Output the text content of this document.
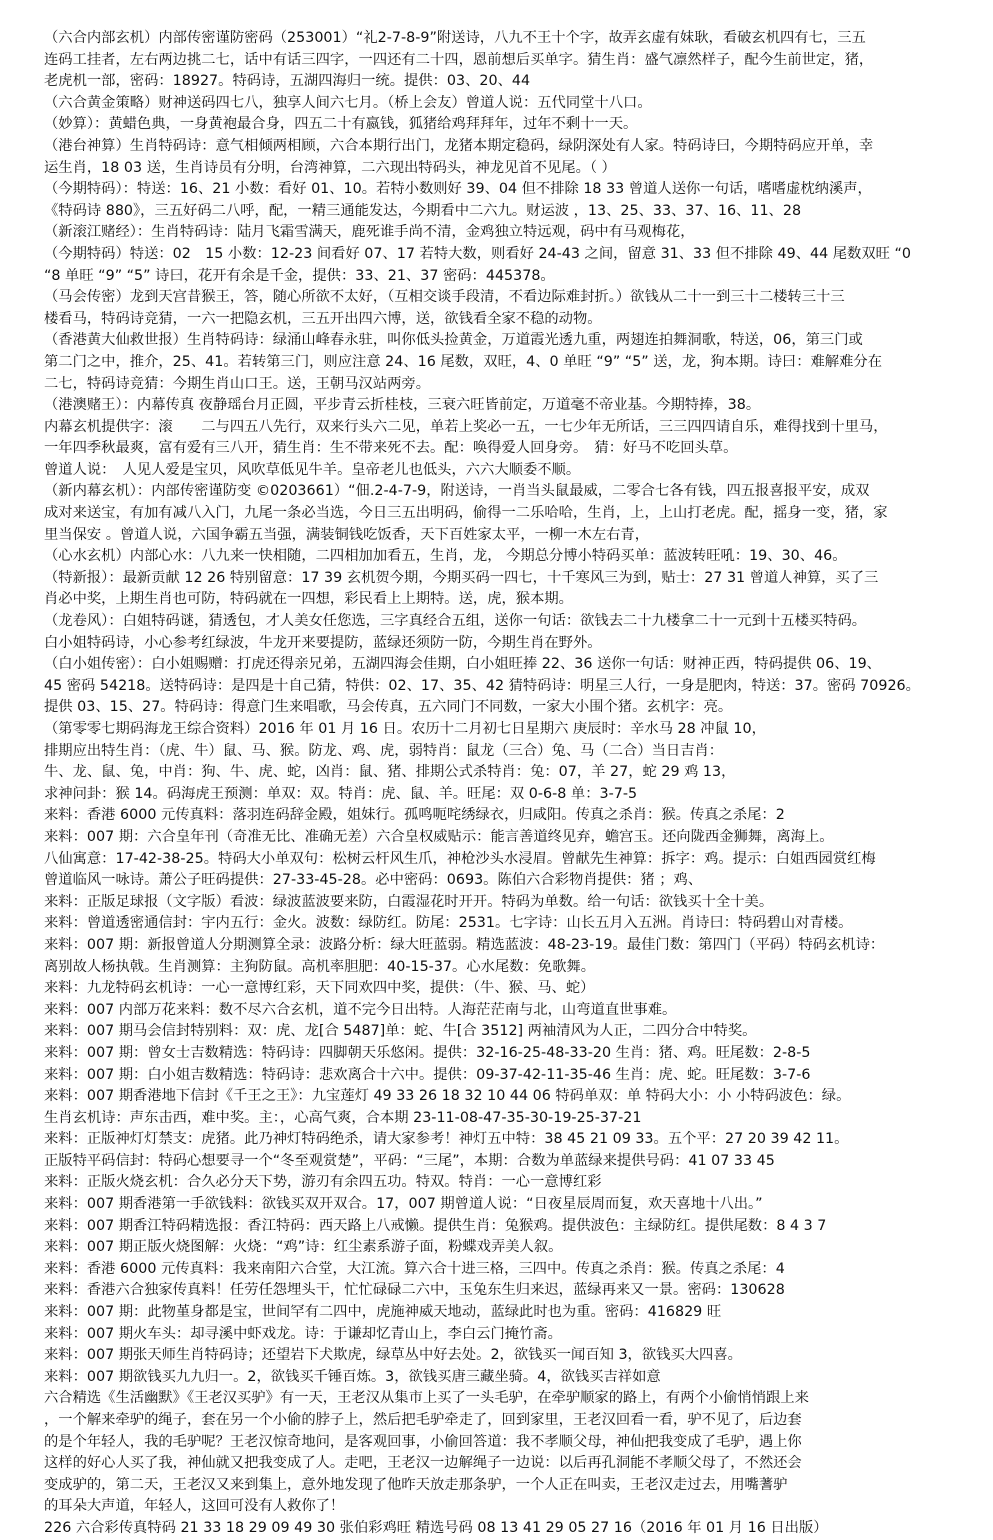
（六合内部玄机）内部传密谨防密码（253001）“礼2-7-8-9”附送诗，八九不王十个字，故弄玄虚有妹耿，看破玄机四有七，三五
连码工挂者，左右两边挑二七，话中有话三四字，一四还有二十四，恩前想后买单字。猜生肖：盛气凛然样子，配今生前世定，猪，
老虎机一部，密码：18927。特码诗，五湖四海归一统。提供：03、20、44
（六合黄金策略）财神送码四七八，独享人间六七月。（桥上会友）曾道人说：五代同堂十八口。
（妙算）：黄蜡色典，一身黄袍最合身，四五二十有嬴钱，狐猪给鸡拜拜年，过年不剩十一天。
（港台神算）生肖特码诗：意气相倾两相顾，六合本期行出门，龙猪本期定稳码，绿阴深处有人家。特码诗曰，今期特码应开单，幸
运生肖，18 03 送，生肖诗员有分明，台湾神算，二六现出特码头，神龙见首不见尾。（ ）
（今期特码）：特送：16、21 小数：看好 01、10。若特小数则好 39、04 但不排除 18 33 曾道人送你一句话，嗜嗜虚枕纳溪声，
《特码诗 880》，三五好码二八呼，配，一精三通能发达，今期看中二六九。财运波 ，13、25、33、37、16、11、28
（新滚江赌经）：生肖特码诗：陆月飞霜雪满天，鹿死谁手尚不清，金鸡独立特远观，码中有马观梅花，
（今期特码）特送：02　15 小数：12-23 间看好 07、17 若特大数，则看好 24-43 之间，留意 31、33 但不排除 49、44 尾数双旺 “0
“8 单旺 “9” “5” 诗曰，花开有余是千金，提供：33、21、37 密码：445378。
（马会传密）龙到天宫昔猴王，答，随心所欲不太好，（互相交谈手段清，不看边际难封折。）欲钱从二十一到三十二楼转三十三
楼看马，特码诗竞猜，一六一把隐玄机，三五开出四六博，送，欲钱看全家不稳的动物。
（香港黄大仙救世报）生肖特码诗：绿涌山峰春永驻，叫你低头捡黄金，万道霞光透九重，两翅连拍舞洞歌，特送，06，第三门或
第二门之中，推介，25、41。若转第三门，则应注意 24、16 尾数，双旺，4、0 单旺 “9” “5” 送，龙，狗本期。诗曰：难解难分在
二七，特码诗竞猜：今期生肖山口王。送，王朝马汉站两旁。
（港澳赌王）：内幕传真 夜静瑶台月正圆，平步青云折桂枝，三衰六旺皆前定，万道毫不帝业基。今期特捧，38。
内幕玄机提供字：滚　　二与四五八先行，双来行头六二见，单若上奖必一五，一七少年无所话，三三四四请自乐，难得找到十里马，
一年四季秋最爽，富有爱有三八开，猜生肖：生不带来死不去。配：唤得爱人回身旁。　猜：好马不吃回头草。
曾道人说：　人见人爱是宝贝，风吹草低见牛羊。皇帝老儿也低头，六六大顺委不顺。
（新内幕玄机）：内部传密谨防变 ©0203661）“佃.2-4-7-9，附送诗，一肖当头鼠最威，二零合七各有钱，四五报喜报平安，成双
成对来送宝，有加有减八入门，九尾一条必当选，今日三五出明码，偷得一二乐哈哈，生肖，上，上山打老虎。配，摇身一变，猪，家
里当保安 。曾道人说，六国争霸五当强，满装铜钱吃饭香，天下百姓家太平，一柳一木左右青，
（心水玄机）内部心水：八九来一快相随，二四相加加看五，生肖，龙， 今期总分博小特码买单：蓝波转旺吼：19、30、46。
（特新报）：最新贡献 12 26 特别留意：17 39 玄机贺今期，今期买码一四七，十千寒风三为到，贴士：27 31 曾道人神算，买了三
肖必中奖，上期生肖也可防，特码就在一四想，彩民看上上期特。送，虎，猴本期。
（龙卷风）：白姐特码谜，猜透包，才人美女任您选，三字真经合五组，送你一句话：欲钱去二十九楼拿二十一元到十五楼买特码。
白小姐特码诗，小心参考红绿波，牛龙开来要提防，蓝绿还须防一防，今期生肖在野外。
（白小姐传密）：白小姐赐赠：打虎还得亲兄弟，五湖四海会佳期，白小姐旺捧 22、36 送你一句话：财神正西，特码提供 06、19、
45 密码 54218。送特码诗：是四是十自己猜，特供：02、17、35、42 猜特码诗：明星三人行，一身是肥肉，特送：37。密码 70926。
提供 03、15、27。特码诗：得意门生来唱歌，马会传真，五六同门不同数，一家大小围个猪。玄机字：亮。
（第零零七期码海龙王综合资料）2016 年 01 月 16 日。农历十二月初七日星期六 庚辰时：辛水马 28 冲鼠 10，
排期应出特生肖：（虎、牛）鼠、马、猴。防龙、鸡、虎，弱特肖：鼠龙（三合）兔、马（二合）当日吉肖：
牛、龙、鼠、兔，中肖：狗、牛、虎、蛇，凶肖：鼠、猪、排期公式杀特肖：兔：07，羊 27，蛇 29 鸡 13，
求神问卦：猴 14。码海虎王预测：单双：双。特肖：虎、鼠、羊。旺尾：双 0-6-8 单：3-7-5
来料：香港 6000 元传真料：落羽连码辞金殿，姐妹行。孤鸣呃咤绣绿衣，归咸阳。传真之杀肖：猴。传真之杀尾：2
来料：007 期：六合皇年刊（奇准无比、准确无差）六合皇权威贴示：能言善道终见弃，蟾宫玉。还向陇西金狮舞，离海上。
八仙寓意：17-42-38-25。特码大小单双句：松树云杆风生爪，神枪沙头水浸眉。曾献先生神算：拆字：鸡。提示：白姐西园赏红梅
曾道临风一咏诗。萧公子旺码提供：27-33-45-28。必中密码：0693。陈伯六合彩物肖提供：猪 ；鸡、
来料：正版足球报（文字版）看波：绿波蓝波要来防，白霞湿花时开开。特码为单数。给一句话：欲钱买十全十美。
来料：曾道透密通信封：宇内五行：金火。波数：绿防红。防尾：2531。七字诗：山长五月入五洲。肖诗曰：特码碧山对青楼。
来料：007 期：新报曾道人分期测算全录：波路分析：绿大旺蓝弱。精选蓝波：48-23-19。最佳门数：第四门（平码）特码玄机诗：
离别故人杨执戟。生肖测算：主狗防鼠。高机率胆肥：40-15-37。心水尾数：免歌舞。
来料：九龙特码玄机诗：一心一意博红彩，天下同欢四中奖，提供：（牛、猴、马、蛇）
来料：007 内部万花来料：数不尽六合玄机，道不完今日出特。人海茫茫南与北，山弯道直世事难。
来料：007 期马会信封特别料：双：虎、龙[合 5487]单：蛇、牛[合 3512] 两袖清风为人正，二四分合中特奖。
来料：007 期：曾女士吉数精选：特码诗：四脚朝天乐悠闲。提供：32-16-25-48-33-20 生肖：猪、鸡。旺尾数：2-8-5
来料：007 期：白小姐吉数精选：特码诗：悲欢离合十六中。提供：09-37-42-11-35-46 生肖：虎、蛇。旺尾数：3-7-6
来料：007 期香港地下信封《千王之王》：九宝莲灯 49 33 26 18 32 10 44 06 特码单双：单 特码大小：小 小特码波色：绿。
生肖玄机诗：声东击西，难中奖。主：，心高气爽，合本期 23-11-08-47-35-30-19-25-37-21
来料：正版神灯灯禁支：虎猪。此乃神灯特码绝杀，请大家参考！神灯五中特：38 45 21 09 33。五个平：27 20 39 42 11。
正版特平码信封：特码心想要寻一个“冬至观赏楚”，平码：“三尾”，本期：合数为单蓝绿来提供号码：41 07 33 45
来料：正版火烧玄机：合久必分天下势，游刃有余四五功。特双。特肖：一心一意博红彩
来料：007 期香港第一手欲钱料：欲钱买双开双合。17，007 期曾道人说：“日夜星辰周而复，欢天喜地十八出。”
来料：007 期香江特码精选报：香江特码：西天路上八戒懒。提供生肖：兔猴鸡。提供波色：主绿防红。提供尾数：8 4 3 7
来料：007 期正版火烧图解：火烧：“鸡”诗：红尘素系游子面，粉蝶戏弄美人叙。
来料：香港 6000 元传真料：我来南阳六合堂，大江流。算六合十进三格，三四中。传真之杀肖：猴。传真之杀尾：4
来料：香港六合独家传真料！任劳任怨埋头干，忙忙碌碌二六中，玉兔东生归来迟，蓝绿再来又一景。密码：130628
来料：007 期：此物堇身都是宝，世间罕有二四中，虎施神威天地动，蓝绿此时也为重。密码：416829 旺
来料：007 期火车头：却寻溪中虾戏龙。诗：于谦却忆青山上，李白云门掩竹斋。
来料：007 期张天师生肖特码诗；还望岩下犬欺虎，绿草丛中好去处。2，欲钱买一闻百知 3，欲钱买大四喜。
来料：007 期欲钱买九九归一。2，欲钱买千锤百炼。3，欲钱买唐三藏坐骑。4，欲钱买吉祥如意
六合精选《生活幽默》《王老汉买驴》有一天，王老汉从集市上买了一头毛驴，在牵驴顺家的路上，有两个小偷悄悄跟上来
，一个解来牵驴的绳子，套在另一个小偷的脖子上，然后把毛驴牵走了，回到家里，王老汉回看一看，驴不见了，后边套
的是个年轻人，我的毛驴呢？王老汉惊奇地问，是客观回事，小偷回答道：我不孝顺父母，神仙把我变成了毛驴，遇上你
这样的好心人买了我，神仙就又把我变成了人。走吧，王老汉一边解绳子一边说：以后再孔洞能不孝顺父母了，不然还会
变成驴的，第二天，王老汉又来到集上，意外地发现了他昨天放走那条驴，一个人正在叫卖，王老汉走过去，用嘴蓍驴
的耳朵大声道，年轻人，这回可没有人救你了！
226 六合彩传真特码 21 33 18 29 09 49 30 张伯彩鸡旺 精选号码 08 13 41 29 05 27 16（2016 年 01 月 16 日出版）
